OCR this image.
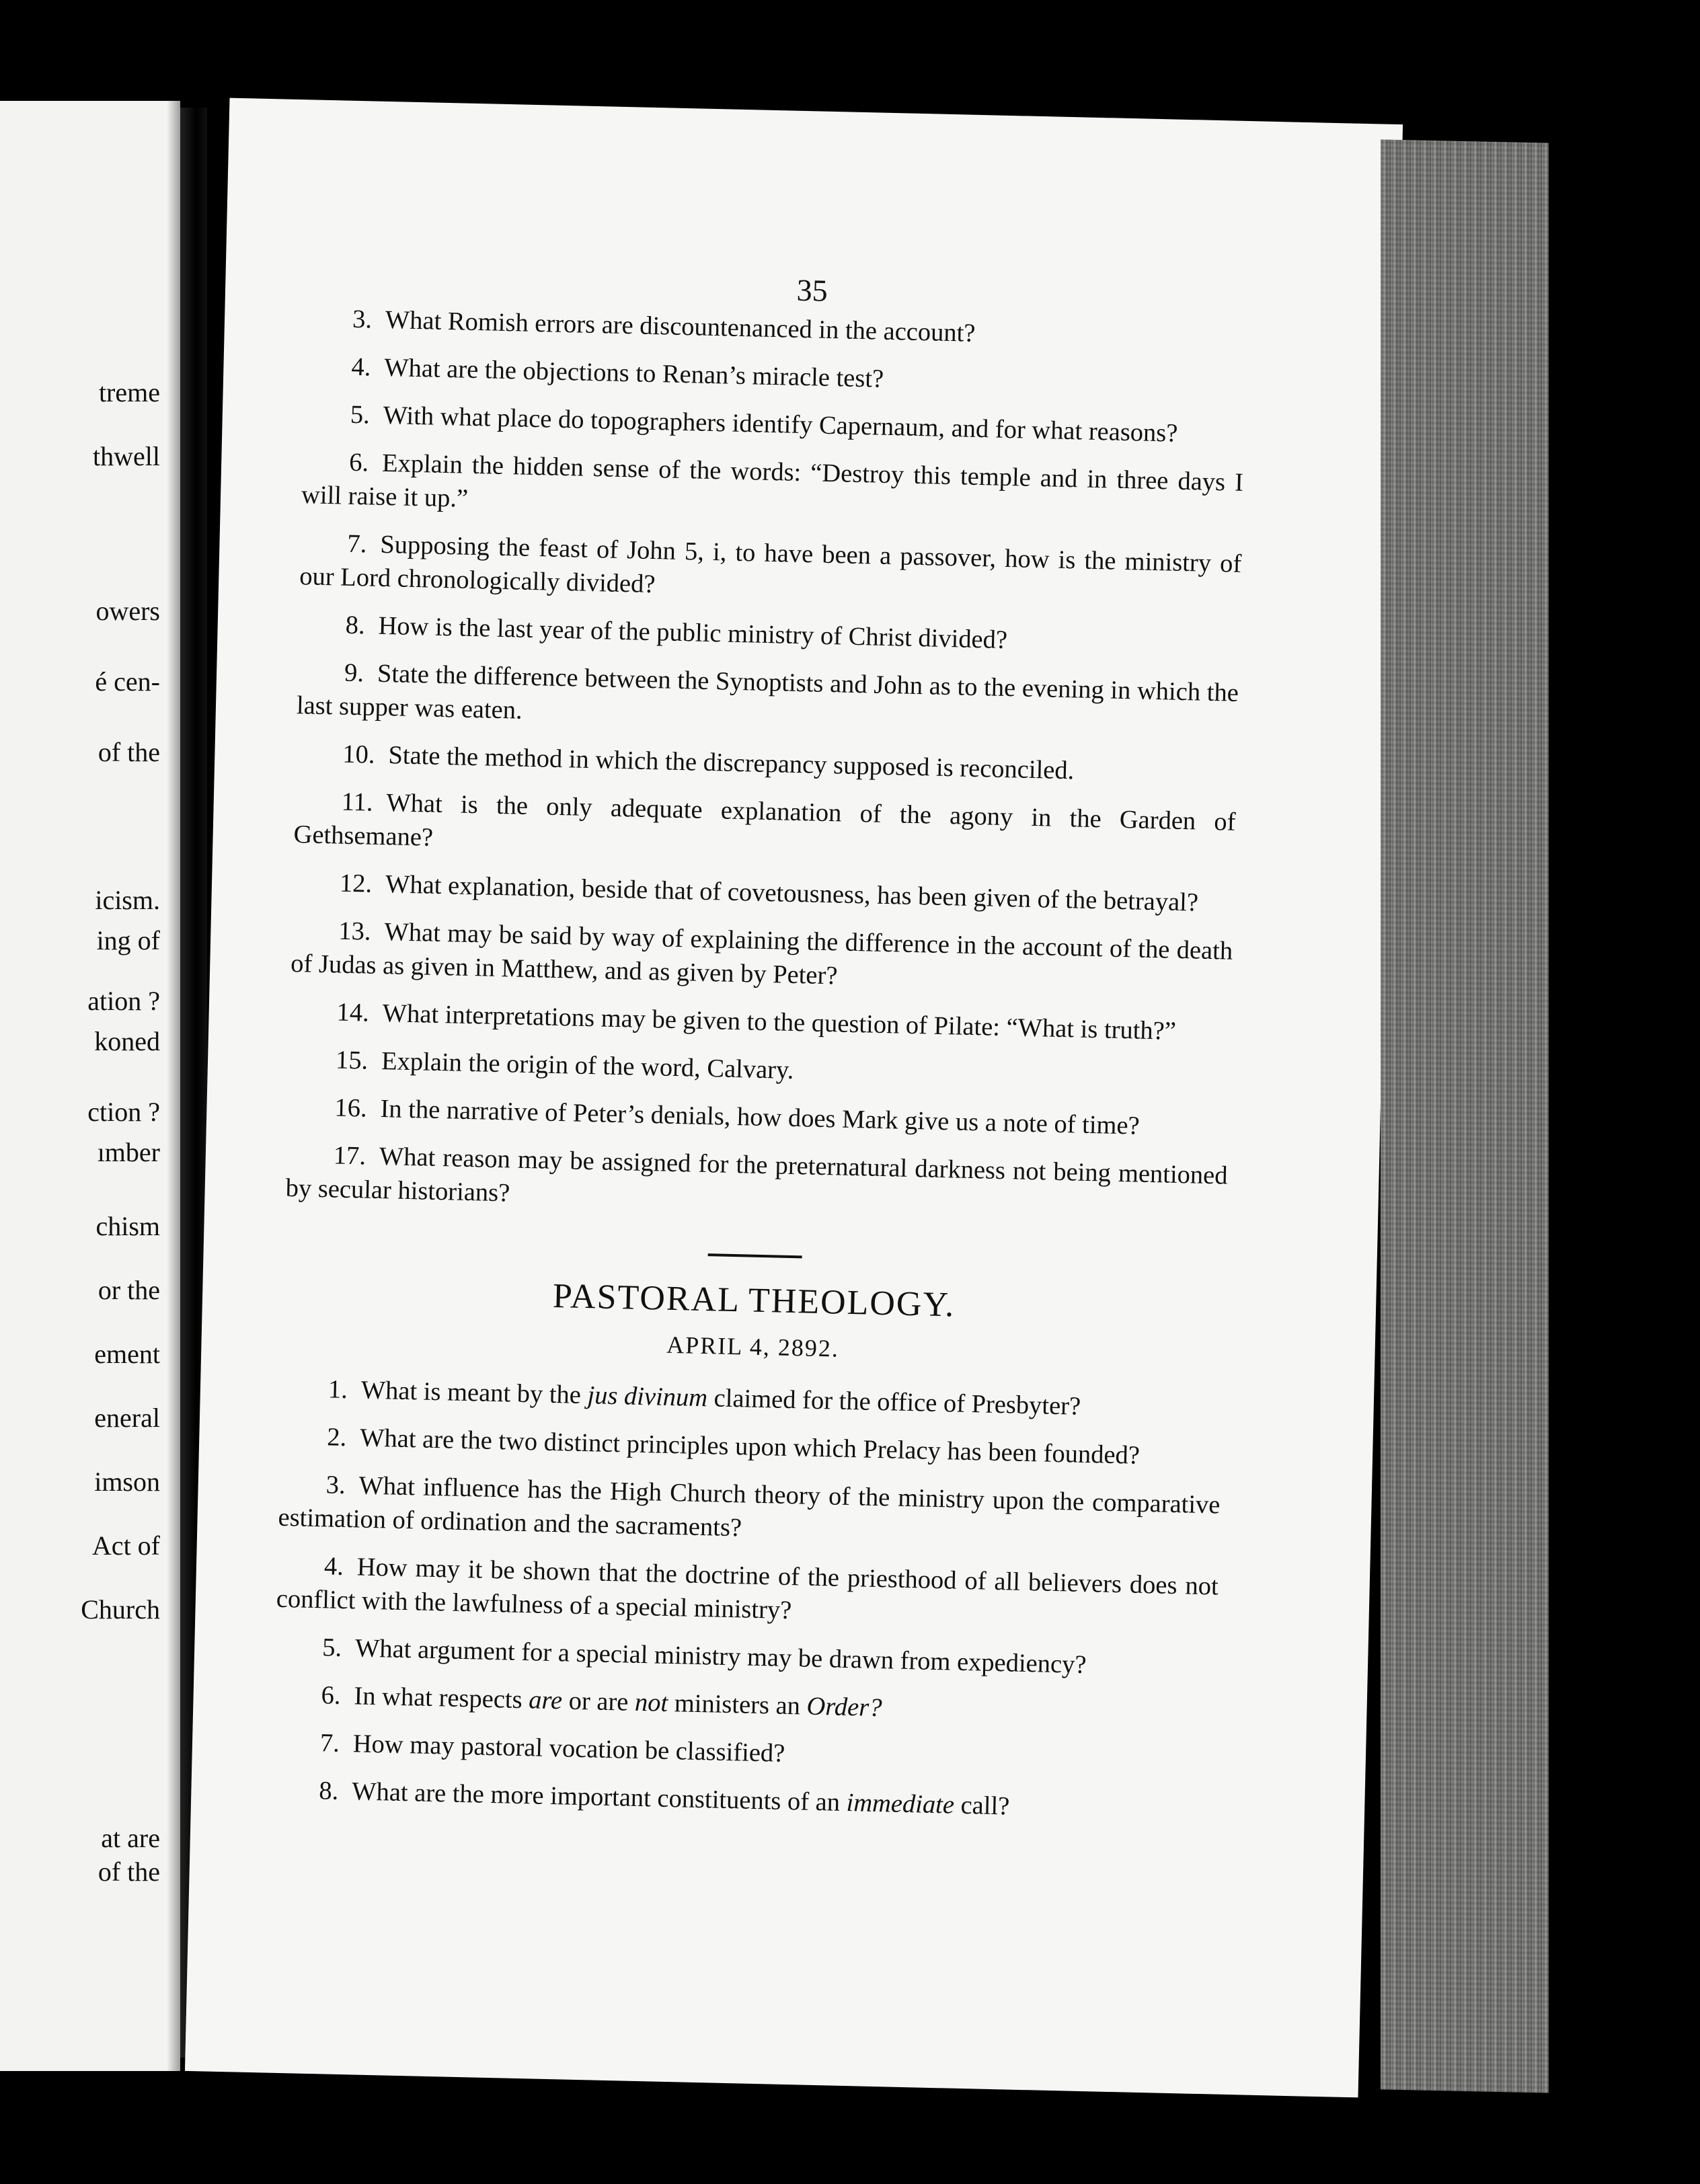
treme
thwell
owers
é cen-
of the
icism.
ing of
ation ?
koned
ction ?
ımber
chism
or the
ement
eneral
imson
Act of
Church
at are
of the
35

3. What Romish errors are discountenanced in the account?

4. What are the objections to Renan’s miracle test?

5. With what place do topographers identify Capernaum, and for what reasons?

6. Explain the hidden sense of the words: “Destroy this temple and in three days I will raise it up.”

7. Supposing the feast of John 5, i, to have been a passover, how is the ministry of our Lord chronologically divided?

8. How is the last year of the public ministry of Christ divided?

9. State the difference between the Synoptists and John as to the evening in which the last supper was eaten.

10. State the method in which the discrepancy supposed is reconciled.

11. What is the only adequate explanation of the agony in the Garden of Gethsemane?

12. What explanation, beside that of covetousness, has been given of the betrayal?

13. What may be said by way of explaining the difference in the account of the death of Judas as given in Matthew, and as given by Peter?

14. What interpretations may be given to the question of Pilate: “What is truth?”

15. Explain the origin of the word, Calvary.

16. In the narrative of Peter’s denials, how does Mark give us a note of time?

17. What reason may be assigned for the preternatural darkness not being mentioned by secular historians?

PASTORAL THEOLOGY.
APRIL 4, 2892.

1. What is meant by the jus divinum claimed for the office of Presbyter?

2. What are the two distinct principles upon which Prelacy has been founded?

3. What influence has the High Church theory of the ministry upon the comparative estimation of ordination and the sacraments?

4. How may it be shown that the doctrine of the priesthood of all believers does not conflict with the lawfulness of a special ministry?

5. What argument for a special ministry may be drawn from expediency?

6. In what respects are or are not ministers an Order?

7. How may pastoral vocation be classified?

8. What are the more important constituents of an immediate call?
